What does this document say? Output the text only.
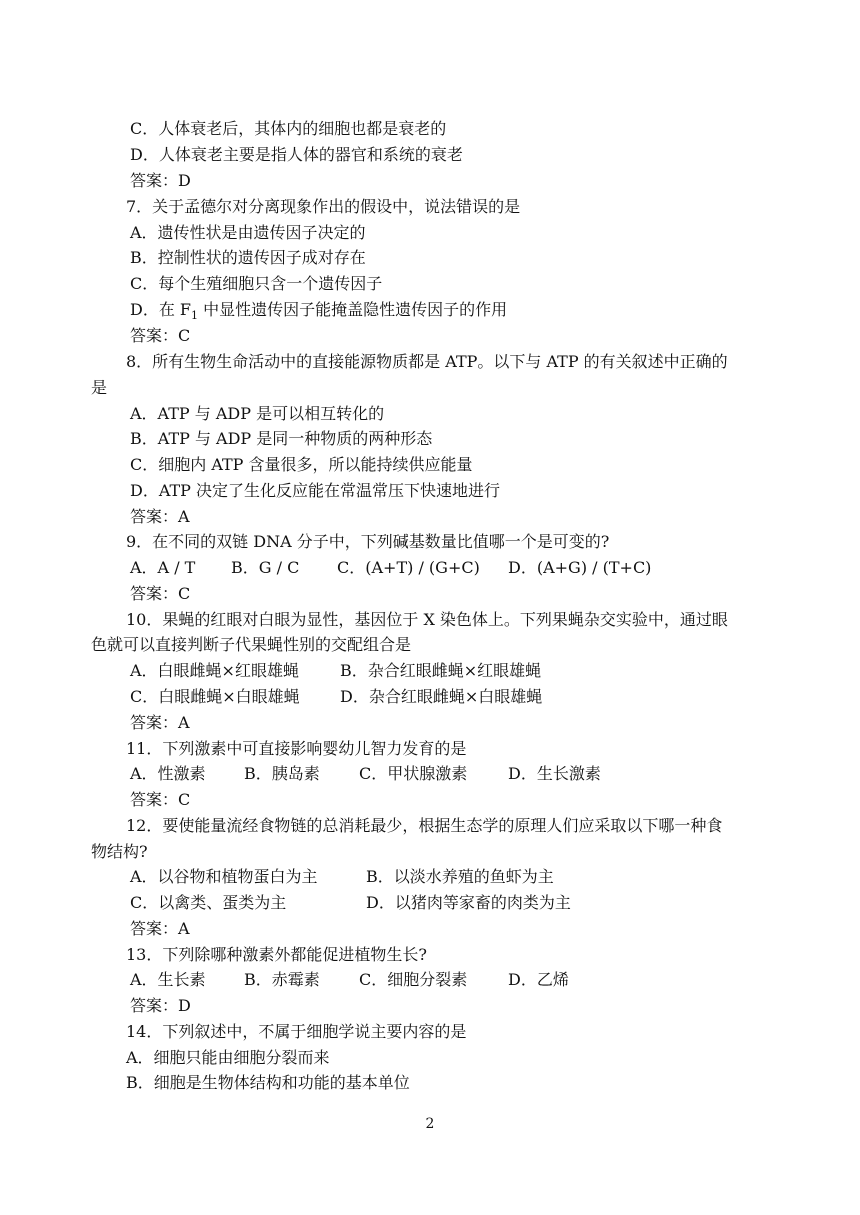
C．人体衰老后，其体内的细胞也都是衰老的
D．人体衰老主要是指人体的器官和系统的衰老
答案：D
7．关于孟德尔对分离现象作出的假设中，说法错误的是
A．遗传性状是由遗传因子决定的
B．控制性状的遗传因子成对存在
C．每个生殖细胞只含一个遗传因子
D．在 $F_1$ 中显性遗传因子能掩盖隐性遗传因子的作用
答案：C
8．所有生物生命活动中的直接能源物质都是 ATP。以下与 ATP 的有关叙述中正确的
是
A．ATP 与 ADP 是可以相互转化的
B．ATP 与 ADP 是同一种物质的两种形态
C．细胞内 ATP 含量很多，所以能持续供应能量
D．ATP 决定了生化反应能在常温常压下快速地进行
答案：A
9．在不同的双链 DNA 分子中，下列碱基数量比值哪一个是可变的?
A．A / T B．G / C C．(A+T) / (G+C) D．(A+G) / (T+C)
答案：C
10．果蝇的红眼对白眼为显性，基因位于 X 染色体上。下列果蝇杂交实验中，通过眼
色就可以直接判断子代果蝇性别的交配组合是
A．白眼雌蝇×红眼雄蝇	B．杂合红眼雌蝇×红眼雄蝇
C．白眼雌蝇×白眼雄蝇	D．杂合红眼雌蝇×白眼雄蝇
答案：A
11．下列激素中可直接影响婴幼儿智力发育的是
A．性激素 B．胰岛素 C．甲状腺激素	D．生长激素
答案：C
12．要使能量流经食物链的总消耗最少，根据生态学的原理人们应采取以下哪一种食
物结构?
A．以谷物和植物蛋白为主	B．以淡水养殖的鱼虾为主
C．以禽类、蛋类为主	D．以猪肉等家畜的肉类为主
答案：A
13．下列除哪种激素外都能促进植物生长?
A．生长素 B．赤霉素 C．细胞分裂素	D．乙烯
答案：D
14．下列叙述中，不属于细胞学说主要内容的是
A．细胞只能由细胞分裂而来
B．细胞是生物体结构和功能的基本单位
2
